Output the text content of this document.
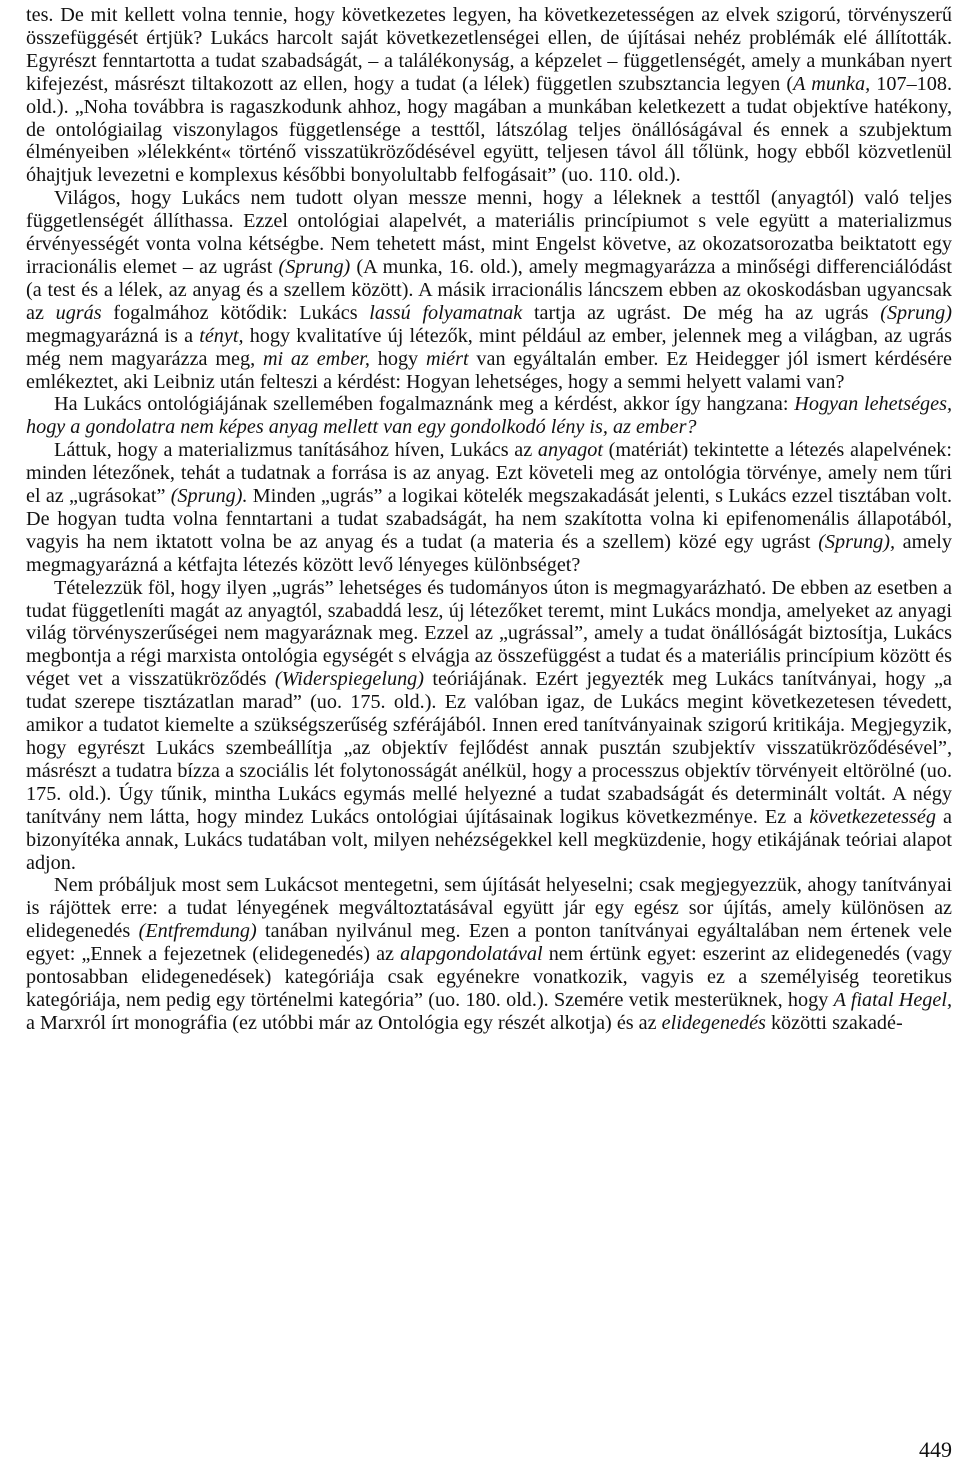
tes. De mit kellett volna tennie, hogy következetes legyen, ha következetességen az elvek szigorú, törvényszerű összefüggését értjük? Lukács harcolt saját következetlenségei ellen, de újításai nehéz problémák elé állították. Egyrészt fenntartotta a tudat szabadságát, – a találékonyság, a képzelet – függetlenségét, amely a munkában nyert kifejezést, másrészt tiltakozott az ellen, hogy a tudat (a lélek) független szubsztancia legyen (A munka, 107–108. old.). „Noha továbbra is ragaszkodunk ahhoz, hogy magában a munkában keletkezett a tudat objektíve hatékony, de ontológiailag viszonylagos függetlensége a testtől, látszólag teljes önállóságával és ennek a szubjektum élményeiben »lélekként« történő visszatükröződésével együtt, teljesen távol áll tőlünk, hogy ebből közvetlenül óhajtjuk levezetni e komplexus későbbi bonyolultabb felfogásait” (uo. 110. old.).

Világos, hogy Lukács nem tudott olyan messze menni, hogy a léleknek a testtől (anyagtól) való teljes függetlenségét állíthassa. Ezzel ontológiai alapelvét, a materiális princípiumot s vele együtt a materializmus érvényességét vonta volna kétségbe. Nem tehetett mást, mint Engelst követve, az okozatsorozatba beiktatott egy irracionális elemet – az ugrást (Sprung) (A munka, 16. old.), amely megmagyarázza a minőségi differenciálódást (a test és a lélek, az anyag és a szellem között). A másik irracionális láncszem ebben az okoskodásban ugyancsak az ugrás fogalmához kötődik: Lukács lassú folyamatnak tartja az ugrást. De még ha az ugrás (Sprung) megmagyarázná is a tényt, hogy kvalitatíve új létezők, mint például az ember, jelennek meg a világban, az ugrás még nem magyarázza meg, mi az ember, hogy miért van egyáltalán ember. Ez Heidegger jól ismert kérdésére emlékeztet, aki Leibniz után felteszi a kérdést: Hogyan lehetséges, hogy a semmi helyett valami van?

Ha Lukács ontológiájának szellemében fogalmaznánk meg a kérdést, akkor így hangzana: Hogyan lehetséges, hogy a gondolatra nem képes anyag mellett van egy gondolkodó lény is, az ember?

Láttuk, hogy a materializmus tanításához híven, Lukács az anyagot (matériát) tekintette a létezés alapelvének: minden létezőnek, tehát a tudatnak a forrása is az anyag. Ezt követeli meg az ontológia törvénye, amely nem tűri el az „ugrásokat” (Sprung). Minden „ugrás” a logikai kötelék megszakadását jelenti, s Lukács ezzel tisztában volt. De hogyan tudta volna fenntartani a tudat szabadságát, ha nem szakította volna ki epifenomenális állapotából, vagyis ha nem iktatott volna be az anyag és a tudat (a materia és a szellem) közé egy ugrást (Sprung), amely megmagyarázná a kétfajta létezés között levő lényeges különbséget?

Tételezzük föl, hogy ilyen „ugrás” lehetséges és tudományos úton is megmagyarázható. De ebben az esetben a tudat függetleníti magát az anyagtól, szabaddá lesz, új létezőket teremt, mint Lukács mondja, amelyeket az anyagi világ törvényszerűségei nem magyaráznak meg. Ezzel az „ugrással”, amely a tudat önállóságát biztosítja, Lukács megbontja a régi marxista ontológia egységét s elvágja az összefüggést a tudat és a materiális princípium között és véget vet a visszatükröződés (Widerspiegelung) teóriájának. Ezért jegyezték meg Lukács tanítványai, hogy „a tudat szerepe tisztázatlan marad” (uo. 175. old.). Ez valóban igaz, de Lukács megint következetesen tévedett, amikor a tudatot kiemelte a szükségszerűség szférájából. Innen ered tanítványainak szigorú kritikája. Megjegyzik, hogy egyrészt Lukács szembeállítja „az objektív fejlődést annak pusztán szubjektív visszatükröződésével”, másrészt a tudatra bízza a szociális lét folytonosságát anélkül, hogy a processzus objektív törvényeit eltörölné (uo. 175. old.). Úgy tűnik, mintha Lukács egymás mellé helyezné a tudat szabadságát és determinált voltát. A négy tanítvány nem látta, hogy mindez Lukács ontológiai újításainak logikus következménye. Ez a következetesség a bizonyítéka annak, Lukács tudatában volt, milyen nehézségekkel kell megküzdenie, hogy etikájának teóriai alapot adjon.

Nem próbáljuk most sem Lukácsot mentegetni, sem újítását helyeselni; csak megjegyezzük, ahogy tanítványai is rájöttek erre: a tudat lényegének megváltoztatásával együtt jár egy egész sor újítás, amely különösen az elidegenedés (Entfremdung) tanában nyilvánul meg. Ezen a ponton tanítványai egyáltalában nem értenek vele egyet: „Ennek a fejezetnek (elidegenedés) az alapgondolatával nem értünk egyet: eszerint az elidegenedés (vagy pontosabban elidegenedések) kategóriája csak egyénekre vonatkozik, vagyis ez a személyiség teoretikus kategóriája, nem pedig egy történelmi kategória” (uo. 180. old.). Szemére vetik mesterüknek, hogy A fiatal Hegel, a Marxról írt monográfia (ez utóbbi már az Ontológia egy részét alkotja) és az elidegenedés közötti szakadé-

449
